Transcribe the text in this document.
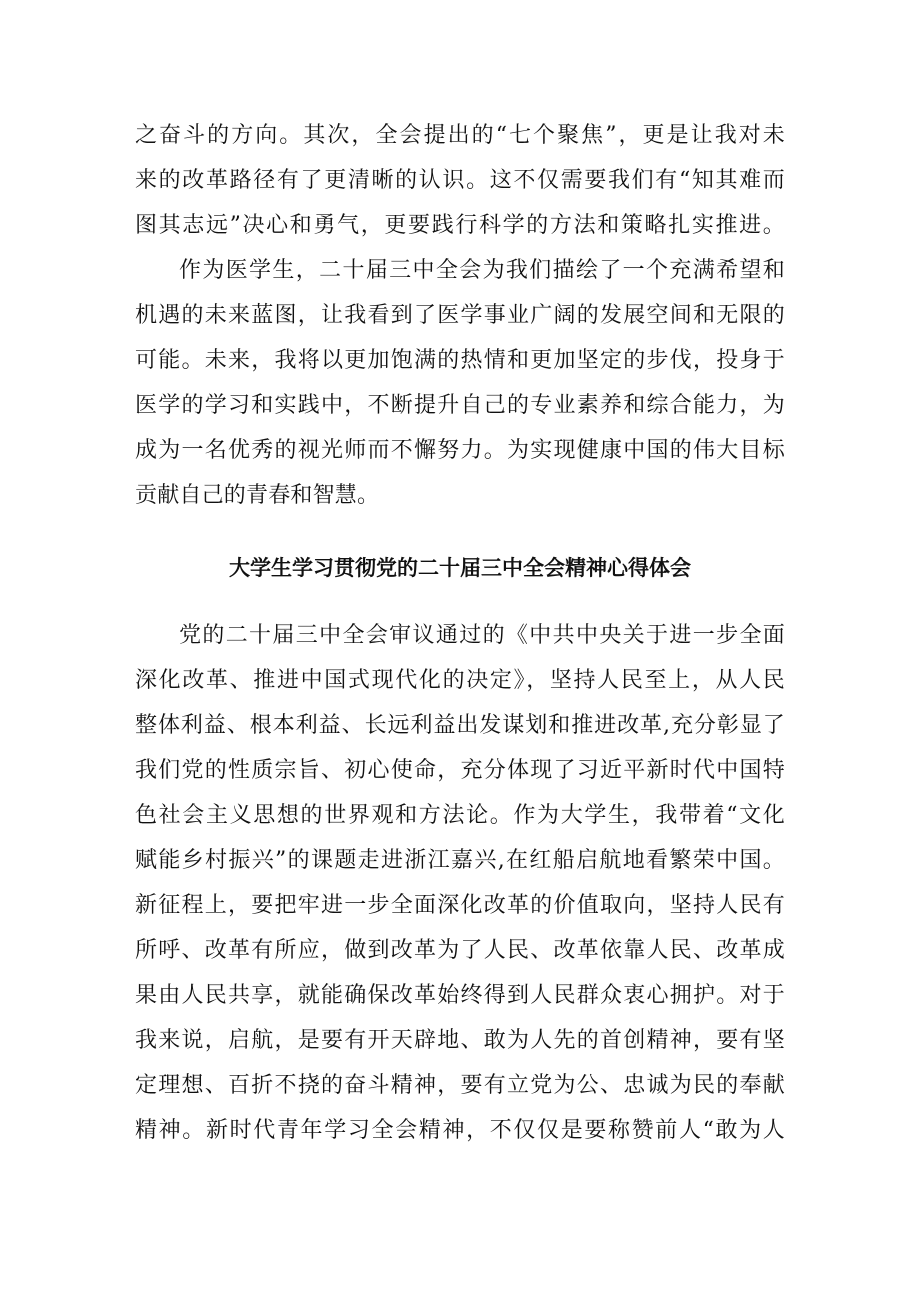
之奋斗的方向。其次，全会提出的“七个聚焦”，更是让我对未
来的改革路径有了更清晰的认识。这不仅需要我们有“知其难而
图其志远”决心和勇气，更要践行科学的方法和策略扎实推进。
作为医学生，二十届三中全会为我们描绘了一个充满希望和
机遇的未来蓝图，让我看到了医学事业广阔的发展空间和无限的
可能。未来，我将以更加饱满的热情和更加坚定的步伐，投身于
医学的学习和实践中，不断提升自己的专业素养和综合能力，为
成为一名优秀的视光师而不懈努力。为实现健康中国的伟大目标
贡献自己的青春和智慧。
大学生学习贯彻党的二十届三中全会精神心得体会
党的二十届三中全会审议通过的《中共中央关于进一步全面
深化改革、推进中国式现代化的决定》，坚持人民至上，从人民
整体利益、根本利益、长远利益出发谋划和推进改革,充分彰显了
我们党的性质宗旨、初心使命，充分体现了习近平新时代中国特
色社会主义思想的世界观和方法论。作为大学生，我带着“文化
赋能乡村振兴”的课题走进浙江嘉兴,在红船启航地看繁荣中国。
新征程上，要把牢进一步全面深化改革的价值取向，坚持人民有
所呼、改革有所应，做到改革为了人民、改革依靠人民、改革成
果由人民共享，就能确保改革始终得到人民群众衷心拥护。对于
我来说，启航，是要有开天辟地、敢为人先的首创精神，要有坚
定理想、百折不挠的奋斗精神，要有立党为公、忠诚为民的奉献
精神。新时代青年学习全会精神，不仅仅是要称赞前人“敢为人
